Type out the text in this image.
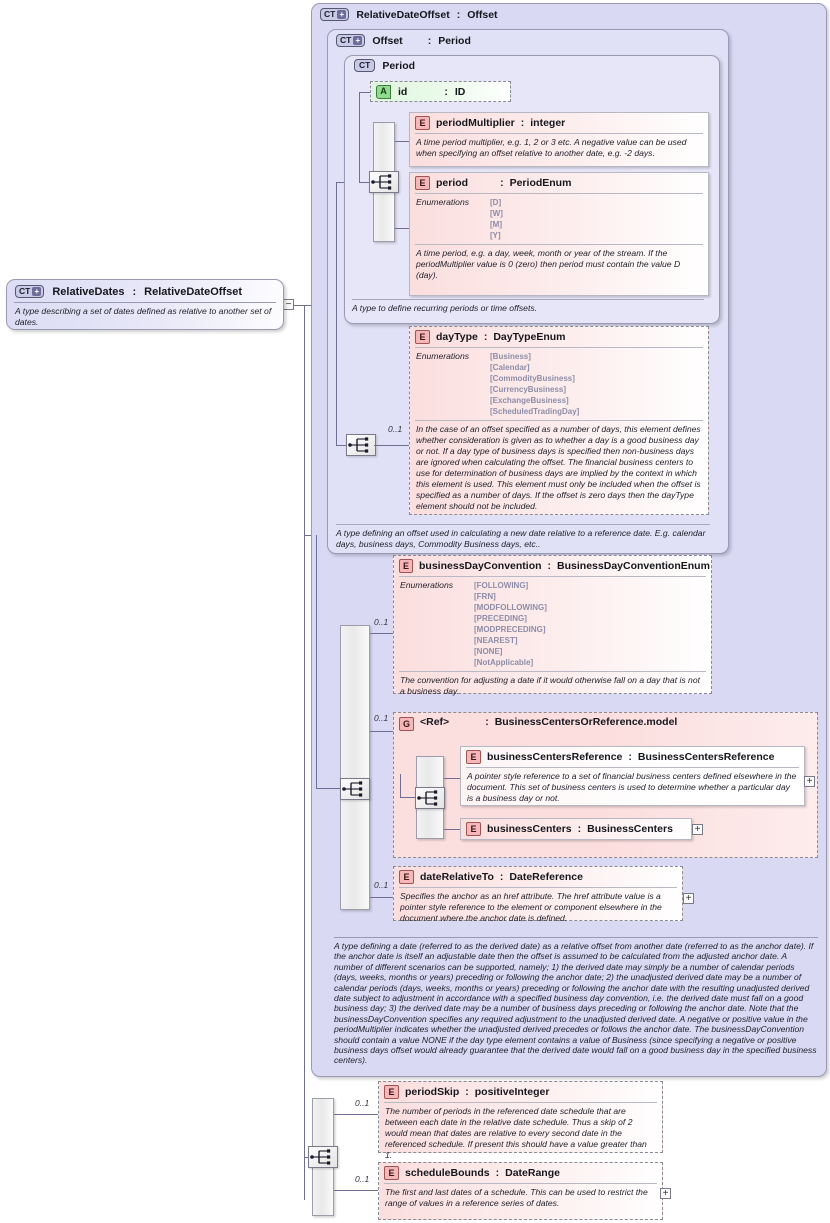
−
CT + RelativeDateOffset : Offset
CT + Offset : Period
CT Period
A	id	: ID
E	periodMultiplier : integer
A time period multiplier, e.g. 1, 2 or 3 etc. A negative value can be used when specifying an offset relative to another date, e.g. -2 days.
E	period	: PeriodEnum
Enumerations	[D]
[W]
[M]
[Y]
A time period, e.g. a day, week, month or year of the stream. If the periodMultiplier value is 0 (zero) then period must contain the value D (day).
A type to define recurring periods or time offsets.
0..1
E	dayType : DayTypeEnum
Enumerations	[Business]
[Calendar]
[CommodityBusiness]
[CurrencyBusiness]
[ExchangeBusiness]
[ScheduledTradingDay]
In the case of an offset specified as a number of days, this element defines whether consideration is given as to whether a day is a good business day or not. If a day type of business days is specified then non-business days are ignored when calculating the offset. The financial business centers to use for determination of business days are implied by the context in which this element is used. This element must only be included when the offset is specified as a number of days. If the offset is zero days then the dayType element should not be included.
A type defining an offset used in calculating a new date relative to a reference date. E.g. calendar days, business days, Commodity Business days, etc..
0..1
0..1
0..1
E businessDayConvention : BusinessDayConventionEnum
Enumerations	[FOLLOWING]
[FRN]
[MODFOLLOWING]
[PRECEDING]
[MODPRECEDING]
[NEAREST]
[NONE]
[NotApplicable]
The convention for adjusting a date if it would otherwise fall on a day that is not a business day.
G <Ref>	: BusinessCentersOrReference.model
E	businessCentersReference : BusinessCentersReference
A pointer style reference to a set of financial business centers defined elsewhere in the document. This set of business centers is used to determine whether a particular day is a business day or not.
+
E	businessCenters : BusinessCenters +
E	dateRelativeTo : DateReference
Specifies the anchor as an href attribute. The href attribute value is a pointer style reference to the element or component elsewhere in the document where the anchor date is defined.
+
A type defining a date (referred to as the derived date) as a relative offset from another date (referred to as the anchor date). If the anchor date is itself an adjustable date then the offset is assumed to be calculated from the adjusted anchor date. A number of different scenarios can be supported, namely; 1) the derived date may simply be a number of calendar periods (days, weeks, months or years) preceding or following the anchor date; 2) the unadjusted derived date may be a number of calendar periods (days, weeks, months or years) preceding or following the anchor date with the resulting unadjusted derived date subject to adjustment in accordance with a specified business day convention, i.e. the derived date must fall on a good business day; 3) the derived date may be a number of business days preceding or following the anchor date. Note that the businessDayConvention specifies any required adjustment to the unadjusted derived date. A negative or positive value in the periodMultiplier indicates whether the unadjusted derived precedes or follows the anchor date. The businessDayConvention should contain a value NONE if the day type element contains a value of Business (since specifying a negative or positive business days offset would already guarantee that the derived date would fall on a good business day in the specified business centers).
0..1
0..1
E	periodSkip : positiveInteger
The number of periods in the referenced date schedule that are between each date in the relative date schedule. Thus a skip of 2 would mean that dates are relative to every second date in the referenced schedule. If present this should have a value greater than 1.
E	scheduleBounds : DateRange
The first and last dates of a schedule. This can be used to restrict the range of values in a reference series of dates.
+
CT + RelativeDates : RelativeDateOffset
A type describing a set of dates defined as relative to another set of dates.
